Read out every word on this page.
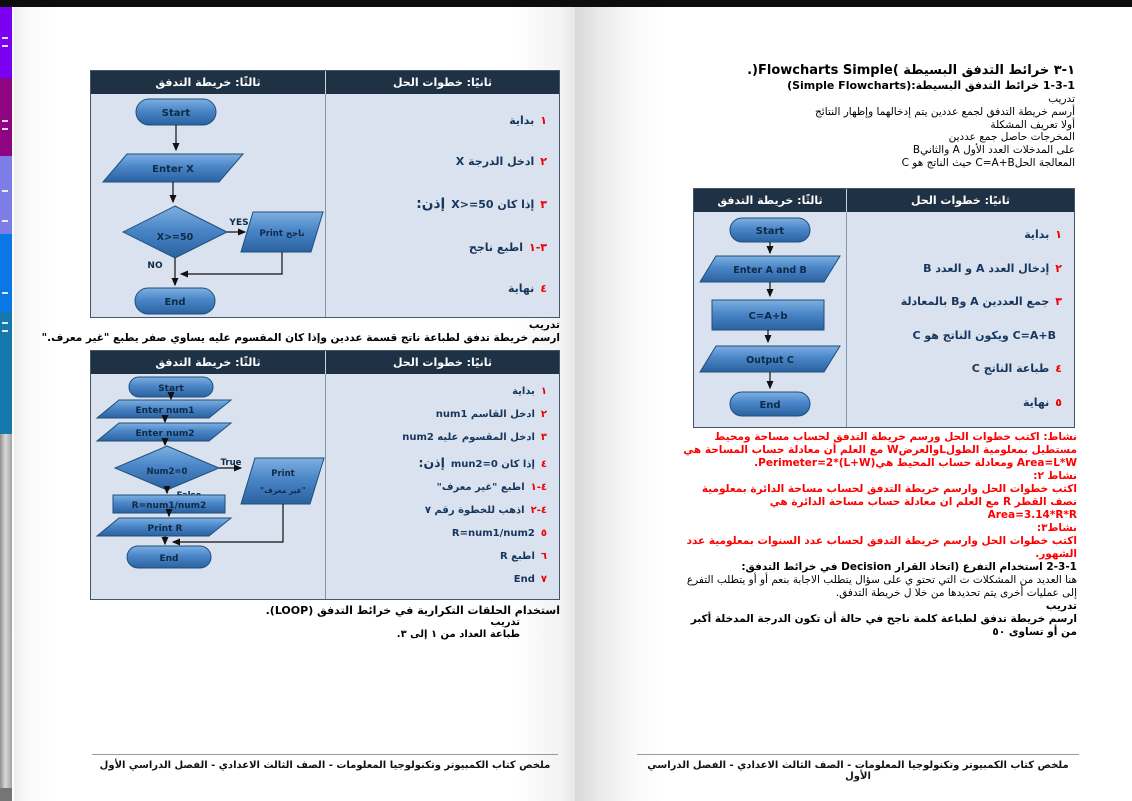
ثالثًا: خريطة التدفق	ثانيًا: خطوات الحل
Start
Enter X
X>=50
YES
Print ناجح
NO
End
١
بداية
٢
ادخل الدرجة X
٣
إذا كان X>=50
إذن:
٣-١
اطبع ناجح
٤
نهاية
تدريب
ارسم خريطة تدفق لطباعة ناتج قسمة عددين وإذا كان المقسوم عليه يساوي صفر يطبع "غير معرف."
ثالثًا: خريطة التدفق	ثانيًا: خطوات الحل
Start
Enter num1
Enter num2
Num2=0
True
Print
"غير معرف"
R=num1/num2
Print R
End
١
بداية
٢
ادخل القاسم num1
٣
ادخل المقسوم عليه num2
٤
إذا كان mun2=0
إذن:
٤-١
اطبع "غير معرف"
٤-٢
اذهب للخطوة رقم ٧
٥
R=num1/num2
٦
اطبع R
٧
End
استخدام الحلقات التكرارية في خرائط التدفق (LOOP).
تدريب
طباعة العداد من ١ إلى ٣.
ملخص كتاب الكمبيوتر وتكنولوجيا المعلومات - الصف الثالث الاعدادي - الفصل الدراسي الأول
١-٣ خرائط التدفق البسيطة )Flowcharts Simple(.
1-3-1 خرائط التدفق البسيطة:(Simple Flowcharts)
تدريب
أرسم خريطة التدفق لجمع عددين يتم إدخالهما وإظهار النتائج
أولا تعريف المشكلة
المخرجات حاصل جمع عددين
على المدخلات العدد الأول A والثانيB
المعالجة الحلC=A+B حيث الناتج هو C
ثالثًا: خريطة التدفق	ثانيًا: خطوات الحل
Start
Enter A and B
C=A+b
Output C
End
١
بداية
٢
إدخال العدد A و العدد B
٣
جمع العددين A وB بالمعادلة
C=A+B ويكون الناتج هو C
٤
طباعة الناتج C
٥
نهاية
نشاط: اكتب خطوات الحل ورسم خريطة التدفق لحساب مساحة ومحيط مستطيل بمعلومية الطولLوالعرضW مع العلم أن معادلة حساب المساحة هي Area=L*W ومعادلة حساب المحيط هي(Perimeter=2*(L+W.
نشاط ٢:
اكتب خطوات الحل وارسم خريطة التدفق لحساب مساحة الدائرة بمعلومية نصف القطر R مع العلم ان معادلة حساب مساحة الدائرة هي Area=3.14*R*R
نشاط٣:
اكتب خطوات الحل وارسم خريطة التدفق لحساب عدد السنوات بمعلومية عدد الشهور.
2-3-1 استخدام التفرع (اتخاذ القرار Decision في خرائط التدفق:
هنا العديد من المشكلات ت التي تحتو ي على سؤال يتطلب الاجابة بنعم أو أو يتطلب التفرع إلى عمليات أخرى يتم تحديدها من خلا ل خريطة التدفق.
تدريب
ارسم خريطة تدفق لطباعة كلمة ناجح في حالة أن تكون الدرجة المدخلة أكبر من أو تساوى ٥٠
ملخص كتاب الكمبيوتر وتكنولوجيا المعلومات - الصف الثالث الاعدادي - الفصل الدراسي الأول
